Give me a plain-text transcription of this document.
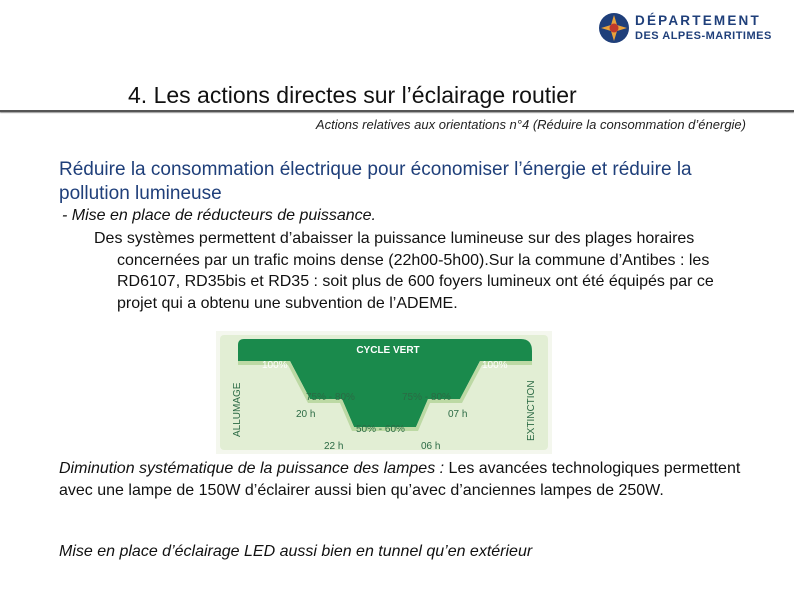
DÉPARTEMENT
DES ALPES-MARITIMES
4. Les actions directes sur l’éclairage routier
Actions relatives aux orientations n°4 (Réduire la consommation d’énergie)
Réduire la consommation électrique pour économiser l’énergie et réduire la pollution lumineuse
- Mise en place de réducteurs de puissance.
Des systèmes permettent d’abaisser la puissance lumineuse sur des plages horaires concernées par un trafic moins dense (22h00-5h00).Sur la commune d’Antibes : les RD6107, RD35bis et RD35 : soit plus de 600 foyers lumineux ont été équipés par ce projet qui a obtenu une subvention de l’ADEME.
CYCLE VERT
100%	100%
75% - 80%	75% - 80%
50% - 60%
20 h
22 h	06 h
07 h
ALLUMAGE	EXTINCTION
Diminution systématique de la puissance des lampes : Les avancées technologiques permettent avec une lampe de 150W d’éclairer aussi bien qu’avec d’anciennes lampes de 250W.
Mise en place d’éclairage LED aussi bien en tunnel qu’en extérieur
